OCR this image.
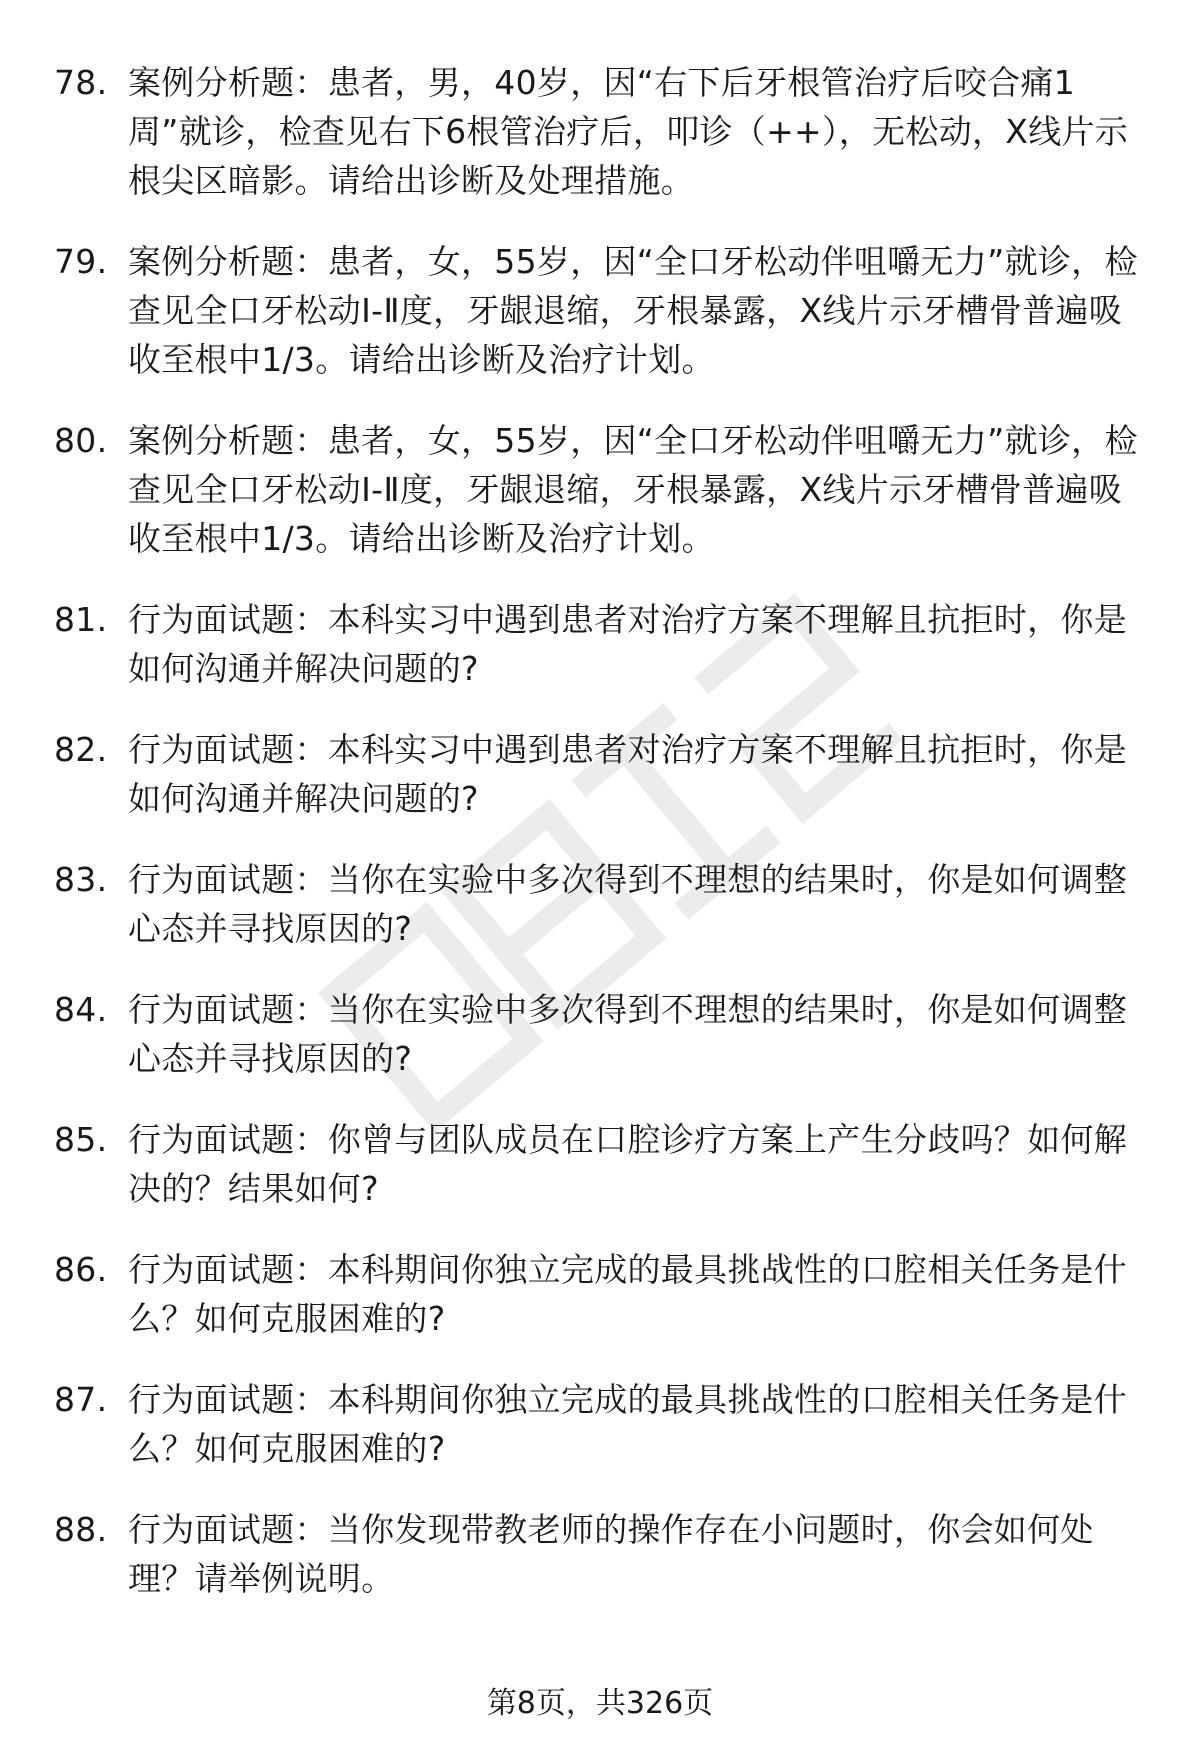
78. 案例分析题：患者，男，40岁，因“右下后牙根管治疗后咬合痛1周”就诊，检查见右下6根管治疗后，叩诊（++），无松动，X线片示根尖区暗影。请给出诊断及处理措施。
79. 案例分析题：患者，女，55岁，因“全口牙松动伴咀嚼无力”就诊，检查见全口牙松动Ⅰ-Ⅱ度，牙龈退缩，牙根暴露，X线片示牙槽骨普遍吸收至根中1/3。请给出诊断及治疗计划。
80. 案例分析题：患者，女，55岁，因“全口牙松动伴咀嚼无力”就诊，检查见全口牙松动Ⅰ-Ⅱ度，牙龈退缩，牙根暴露，X线片示牙槽骨普遍吸收至根中1/3。请给出诊断及治疗计划。
81. 行为面试题：本科实习中遇到患者对治疗方案不理解且抗拒时，你是如何沟通并解决问题的?
82. 行为面试题：本科实习中遇到患者对治疗方案不理解且抗拒时，你是如何沟通并解决问题的?
83. 行为面试题：当你在实验中多次得到不理想的结果时，你是如何调整心态并寻找原因的?
84. 行为面试题：当你在实验中多次得到不理想的结果时，你是如何调整心态并寻找原因的?
85. 行为面试题：你曾与团队成员在口腔诊疗方案上产生分歧吗？如何解决的？结果如何?
86. 行为面试题：本科期间你独立完成的最具挑战性的口腔相关任务是什么？如何克服困难的?
87. 行为面试题：本科期间你独立完成的最具挑战性的口腔相关任务是什么？如何克服困难的?
88. 行为面试题：当你发现带教老师的操作存在小问题时，你会如何处理？请举例说明。
第8页，共326页
